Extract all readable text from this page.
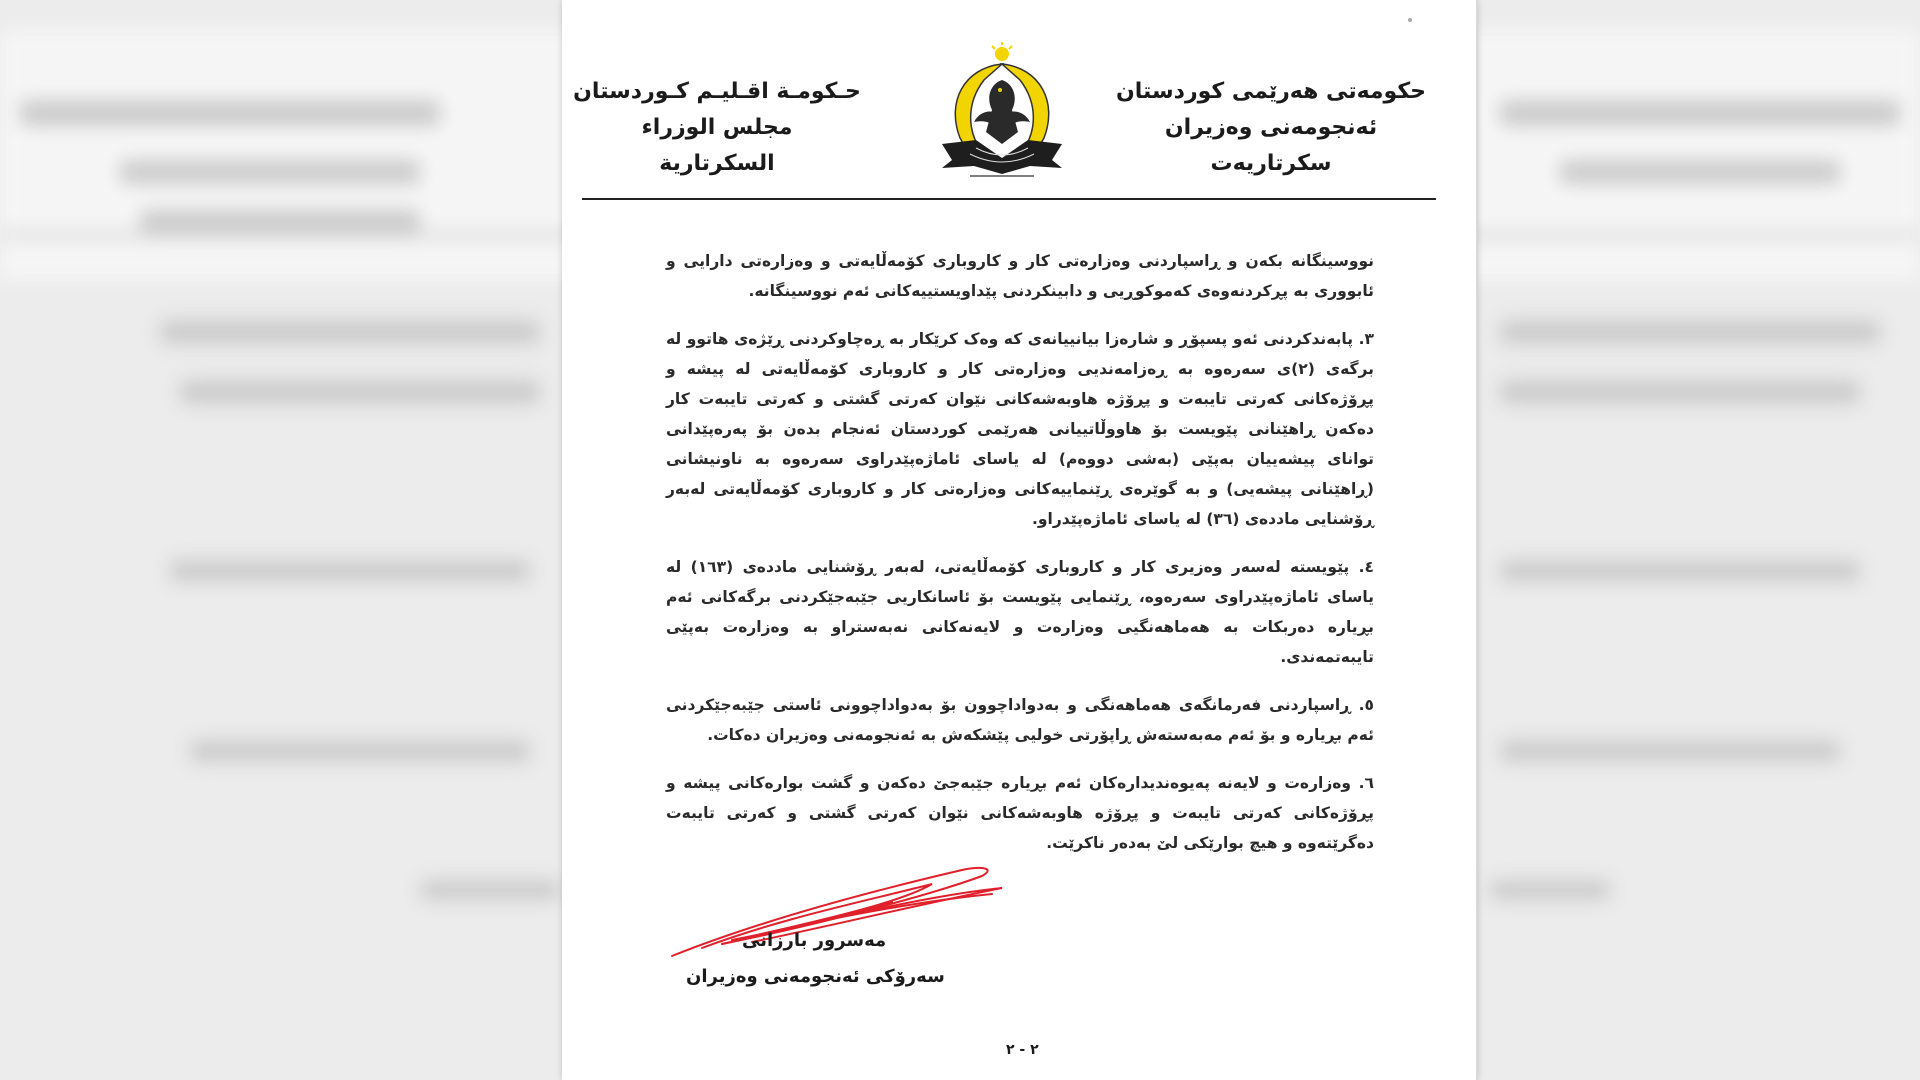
حکومەتی هەرێمی کوردستان
ئەنجومەنی وەزیران
سکرتاریەت
حـكومـة اقـليـم كـوردستان
مجلس الوزراء
السكرتارية

نووسینگانە بکەن و ڕاسپاردنی وەزارەتی کار و کاروباری کۆمەڵایەتی و وەزارەتی دارایی و ئابووری بە پڕکردنەوەی کەموکوڕیی و دابینکردنی پێداویستییەکانی ئەم نووسینگانە.

٣. پابەندکردنی ئەو پسپۆڕ و شارەزا بیانییانەی کە وەک کرێکار بە ڕەچاوکردنی ڕێژەی هاتوو لە برگەی (٢)ی سەرەوە بە ڕەزامەندیی وەزارەتی کار و کاروباری کۆمەڵایەتی لە پیشە و پڕۆژەکانی کەرتی تایبەت و پڕۆژە هاوبەشەکانی نێوان کەرتی گشتی و کەرتی تایبەت کار دەکەن ڕاهێنانی پێویست بۆ هاووڵاتییانی هەرێمی کوردستان ئەنجام بدەن بۆ پەرەپێدانی توانای پیشەییان بەپێی (بەشی دووەم) لە یاسای ئاماژەپێدراوی سەرەوە بە ناونیشانی (ڕاهێنانی پیشەیی) و بە گوێرەی ڕێنماییەکانی وەزارەتی کار و کاروباری کۆمەڵایەتی لەبەر ڕۆشنایی ماددەی (٣٦) لە یاسای ئاماژەپێدراو.

٤. پێویستە لەسەر وەزیری کار و کاروباری کۆمەڵایەتی، لەبەر ڕۆشنایی ماددەی (١٦٣) لە یاسای ئاماژەپێدراوی سەرەوە، ڕێنمایی پێویست بۆ ئاسانکاریی جێبەجێکردنی برگەکانی ئەم بڕیارە دەربکات بە هەماهەنگیی وەزارەت و لایەنەکانی نەبەستراو بە وەزارەت بەپێی تایبەتمەندی.

٥. ڕاسپاردنی فەرمانگەی هەماهەنگی و بەدواداچوون بۆ بەدواداچوونی ئاستی جێبەجێکردنی ئەم بڕیارە و بۆ ئەم مەبەستەش ڕاپۆرتی خولیی پێشکەش بە ئەنجومەنی وەزیران دەکات.

٦. وەزارەت و لایەنە پەیوەندیدارەکان ئەم بڕیارە جێبەجێ دەکەن و گشت بوارەکانی پیشە و پڕۆژەکانی کەرتی تایبەت و پڕۆژە هاوبەشەکانی نێوان کەرتی گشتی و کەرتی تایبەت دەگرێتەوە و هیچ بوارێکی لێ بەدەر ناکرێت.

مەسرور بارزانی
سەرۆکی ئەنجومەنی وەزیران
٢ - ٢
